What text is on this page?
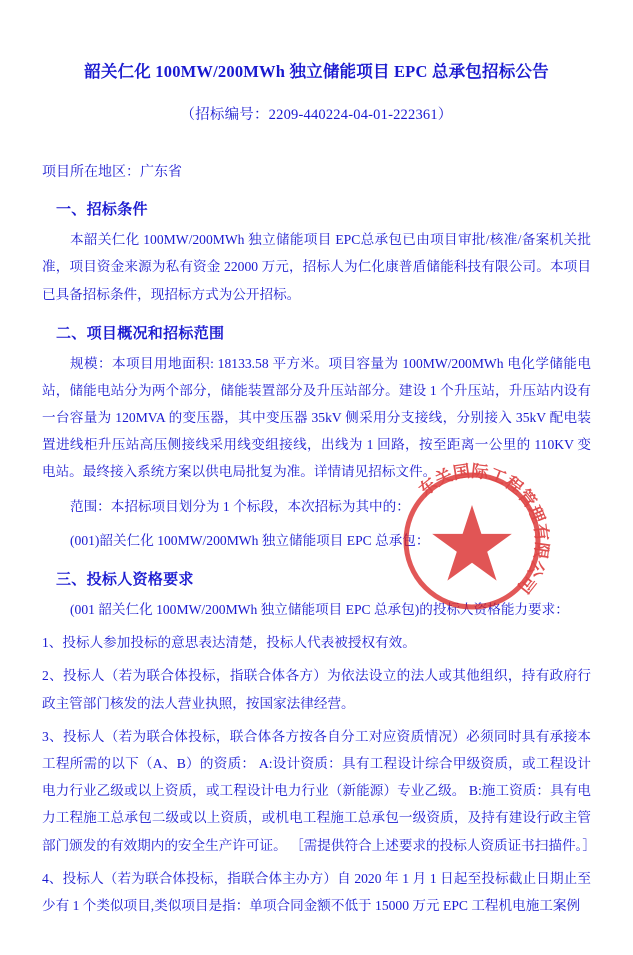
韶关仁化 100MW/200MWh 独立储能项目 EPC 总承包招标公告
（招标编号：2209-440224-04-01-222361）
项目所在地区：广东省
一、招标条件

本韶关仁化 100MW/200MWh 独立储能项目 EPC总承包已由项目审批/核准/备案机关批准，项目资金来源为私有资金 22000 万元，招标人为仁化康普盾储能科技有限公司。本项目已具备招标条件，现招标方式为公开招标。

二、项目概况和招标范围

规模：本项目用地面积: 18133.58 平方米。项目容量为 100MW/200MWh 电化学储能电站，储能电站分为两个部分，储能装置部分及升压站部分。建设 1 个升压站，升压站内设有一台容量为 120MVA 的变压器，其中变压器 35kV 侧采用分支接线，分别接入 35kV 配电装置进线柜升压站高压侧接线采用线变组接线，出线为 1 回路，按至距离一公里的 110KV 变电站。最终接入系统方案以供电局批复为准。详情请见招标文件。

范围：本招标项目划分为 1 个标段，本次招标为其中的：

(001)韶关仁化 100MW/200MWh 独立储能项目 EPC 总承包：

三、投标人资格要求

(001 韶关仁化 100MW/200MWh 独立储能项目 EPC 总承包)的投标人资格能力要求：

1、投标人参加投标的意思表达清楚，投标人代表被授权有效。

2、投标人（若为联合体投标，指联合体各方）为依法设立的法人或其他组织，持有政府行政主管部门核发的法人营业执照，按国家法律经营。

3、投标人（若为联合体投标，联合体各方按各自分工对应资质情况）必须同时具有承接本工程所需的以下（A、B）的资质： A:设计资质：具有工程设计综合甲级资质，或工程设计电力行业乙级或以上资质，或工程设计电力行业（新能源）专业乙级。 B:施工资质：具有电力工程施工总承包二级或以上资质，或机电工程施工总承包一级资质，及持有建设行政主管部门颁发的有效期内的安全生产许可证。 ［需提供符合上述要求的投标人资质证书扫描件。］

4、投标人（若为联合体投标，指联合体主办方）自 2020 年 1 月 1 日起至投标截止日期止至少有 1 个类似项目,类似项目是指：单项合同金额不低于 15000 万元 EPC 工程机电施工案例

东关国际工程管理有限公司
